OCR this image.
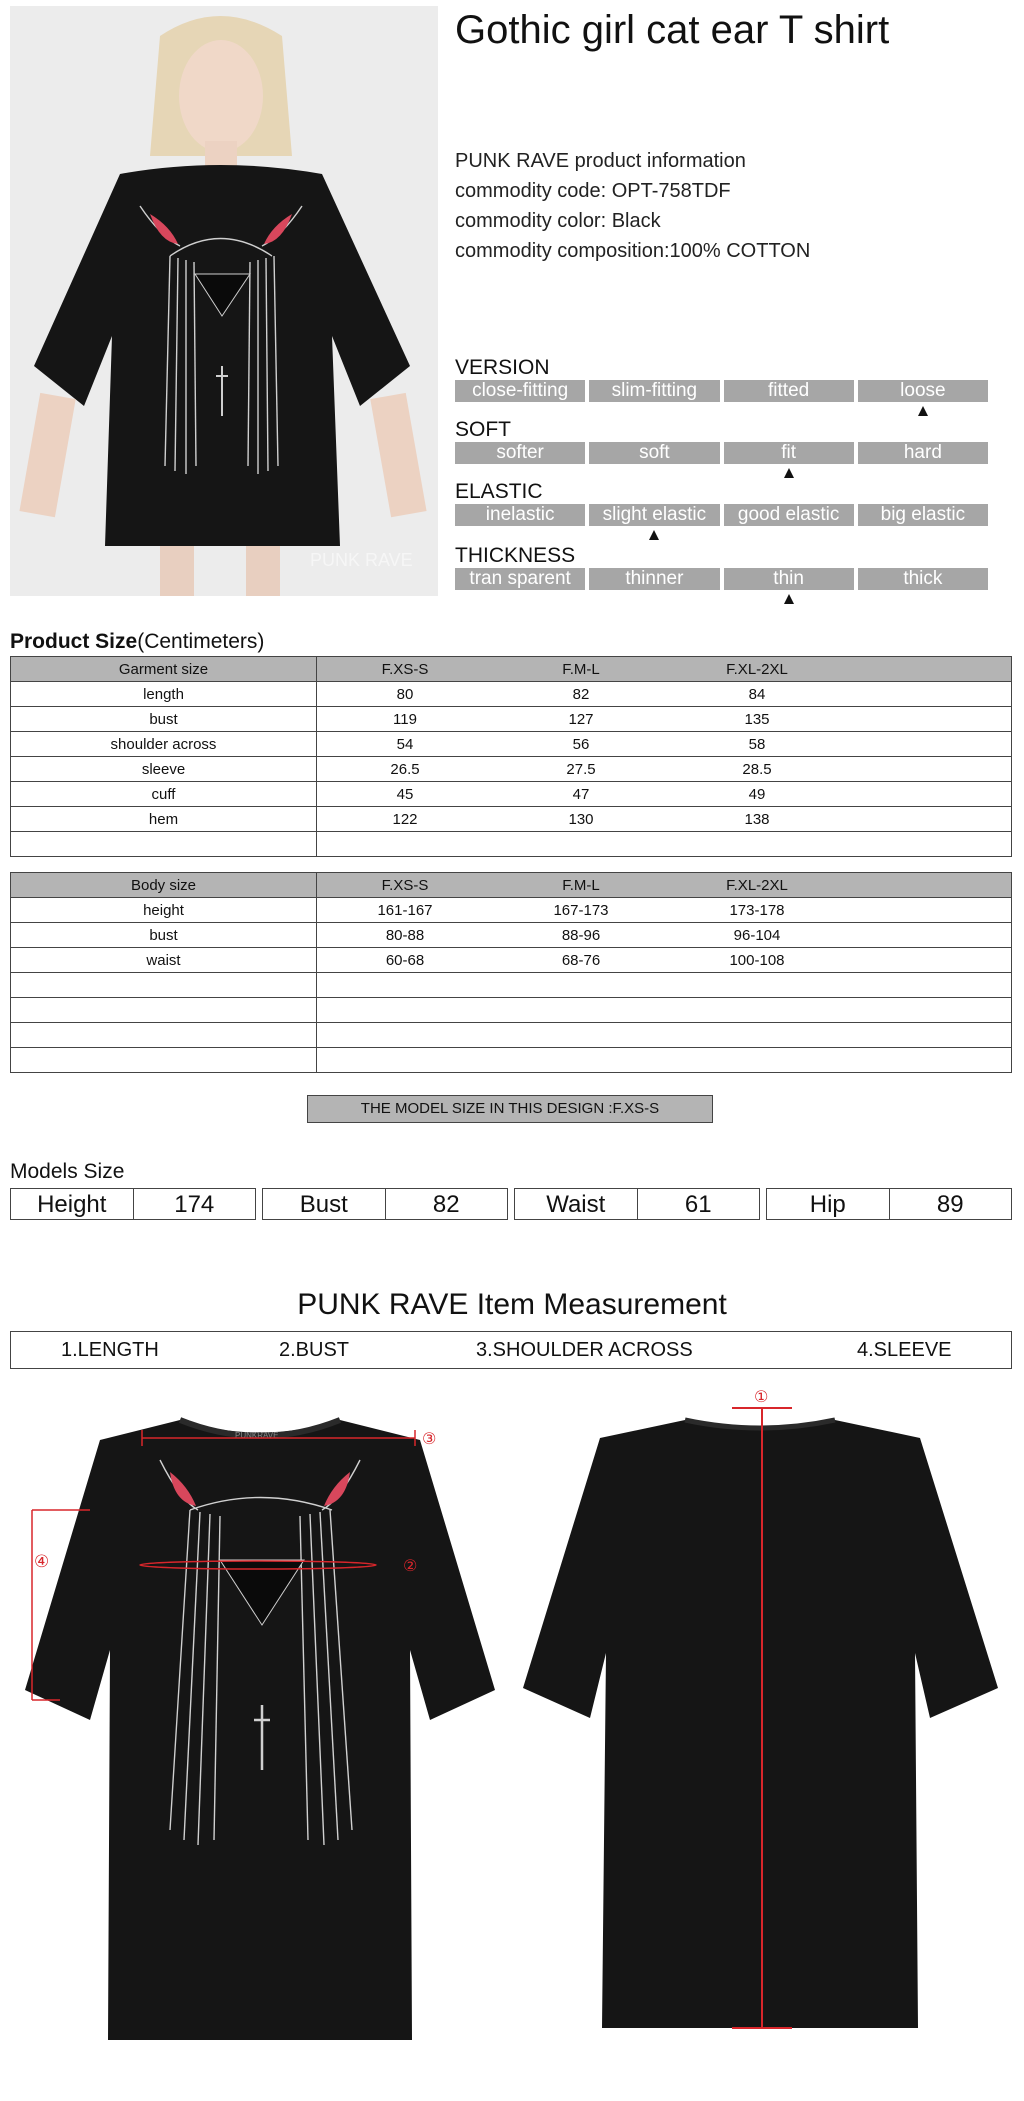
PUNK RAVE
Gothic girl cat ear T shirt
PUNK RAVE product information
commodity code: OPT-758TDF
commodity color: Black
commodity composition:100% COTTON
VERSION
close-fitting	slim-fitting	fitted	loose
SOFT
softer	soft	fit	hard
ELASTIC
inelastic	slight elastic	good elastic	big elastic
THICKNESS
tran sparent	thinner	thin	thick
Product Size(Centimeters)
Garment size	F.XS-S F.M-L F.XL-2XL

length	80 82 84

bust	119 127 135

shoulder across	54 56 58

sleeve	26.5 27.5 28.5

cuff	45 47 49

hem	122 130 138

Body size	F.XS-S F.M-L F.XL-2XL

height	161-167 167-173 173-178

bust	80-88 88-96 96-104

waist	60-68 68-76 100-108

THE MODEL SIZE IN THIS DESIGN :F.XS-S
Models Size
Height	174	Bust	82	Waist	61	Hip	89
PUNK RAVE Item Measurement
1.LENGTH	2.BUST	3.SHOULDER ACROSS	4.SLEEVE
PUNKRAVE	③
②
④
①
